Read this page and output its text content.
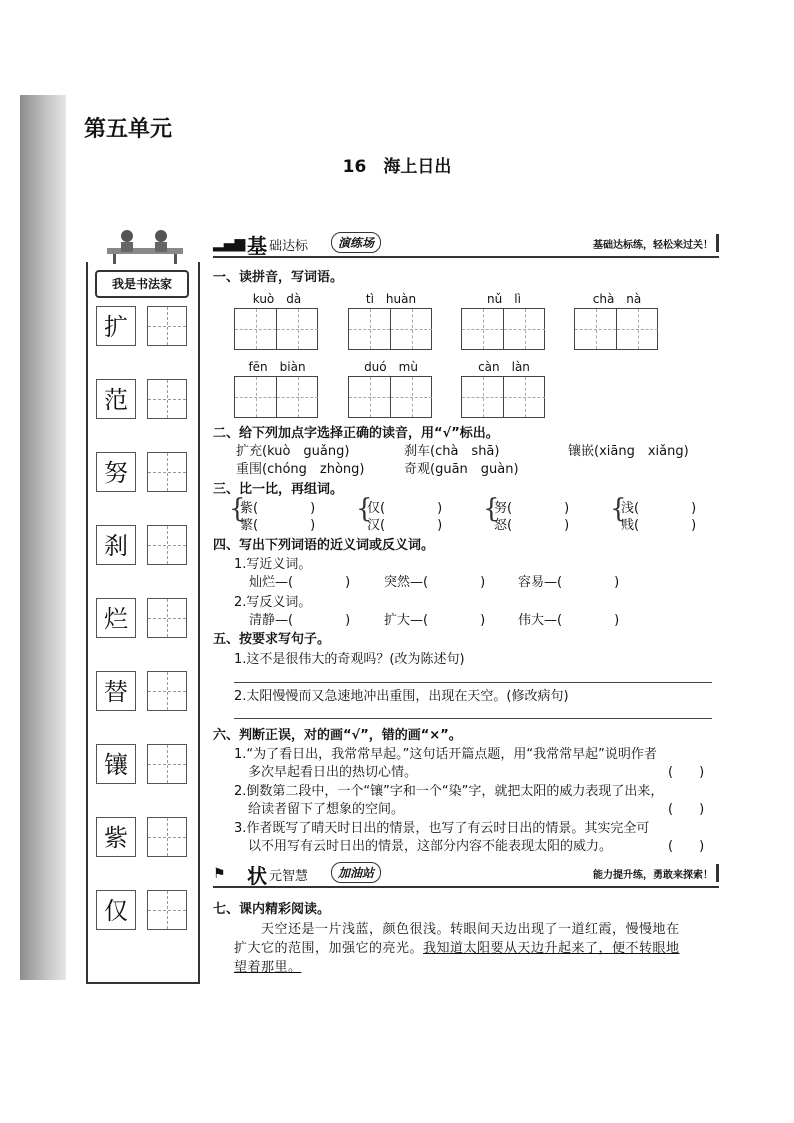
第五单元
16　海上日出
我是书法家
扩
范
努
刹
烂
替
镶
紫
仅
▂▄▆ 基 础达标	演练场	基础达标练，轻松来过关！
一、读拼音，写词语。
kuò　dà	tì　huàn	nǔ　lì	chà　nà
fēn　biàn	duó　mù	càn　làn
二、给下列加点字选择正确的读音，用“√”标出。
扩充(kuò　guǎng)	刹车(chà　shā)	镶嵌(xiāng　xiǎng)
重围(chóng　zhòng)	奇观(guān　guàn)
三、比一比，再组词。
{
紫(　　　　)
繁(　　　　)
{
仅(　　　　)
汉(　　　　)
{
努(　　　　)
怒(　　　　)
{
浅(　　　　)
贱(　　　　)
四、写出下列词语的近义词或反义词。
1.写近义词。
灿烂—(　　　　)	突然—(　　　　)	容易—(　　　　)
2.写反义词。
清静—(　　　　)	扩大—(　　　　)	伟大—(　　　　)
五、按要求写句子。
1.这不是很伟大的奇观吗？(改为陈述句)
2.太阳慢慢而又急速地冲出重围，出现在天空。(修改病句)
六、判断正误，对的画“√”，错的画“×”。
1.“为了看日出，我常常早起。”这句话开篇点题，用“我常常早起”说明作者
多次早起看日出的热切心情。	(　　)
2.倒数第二段中，一个“镶”字和一个“染”字，就把太阳的威力表现了出来，
给读者留下了想象的空间。	(　　)
3.作者既写了晴天时日出的情景，也写了有云时日出的情景。其实完全可
以不用写有云时日出的情景，这部分内容不能表现太阳的威力。	(　　)
⚑ 状 元智慧	加油站	能力提升练，勇敢来探索！
七、课内精彩阅读。
　　天空还是一片浅蓝，颜色很浅。转眼间天边出现了一道红霞，慢慢地在
扩大它的范围，加强它的亮光。我知道太阳要从天边升起来了，便不转眼地
望着那里。
